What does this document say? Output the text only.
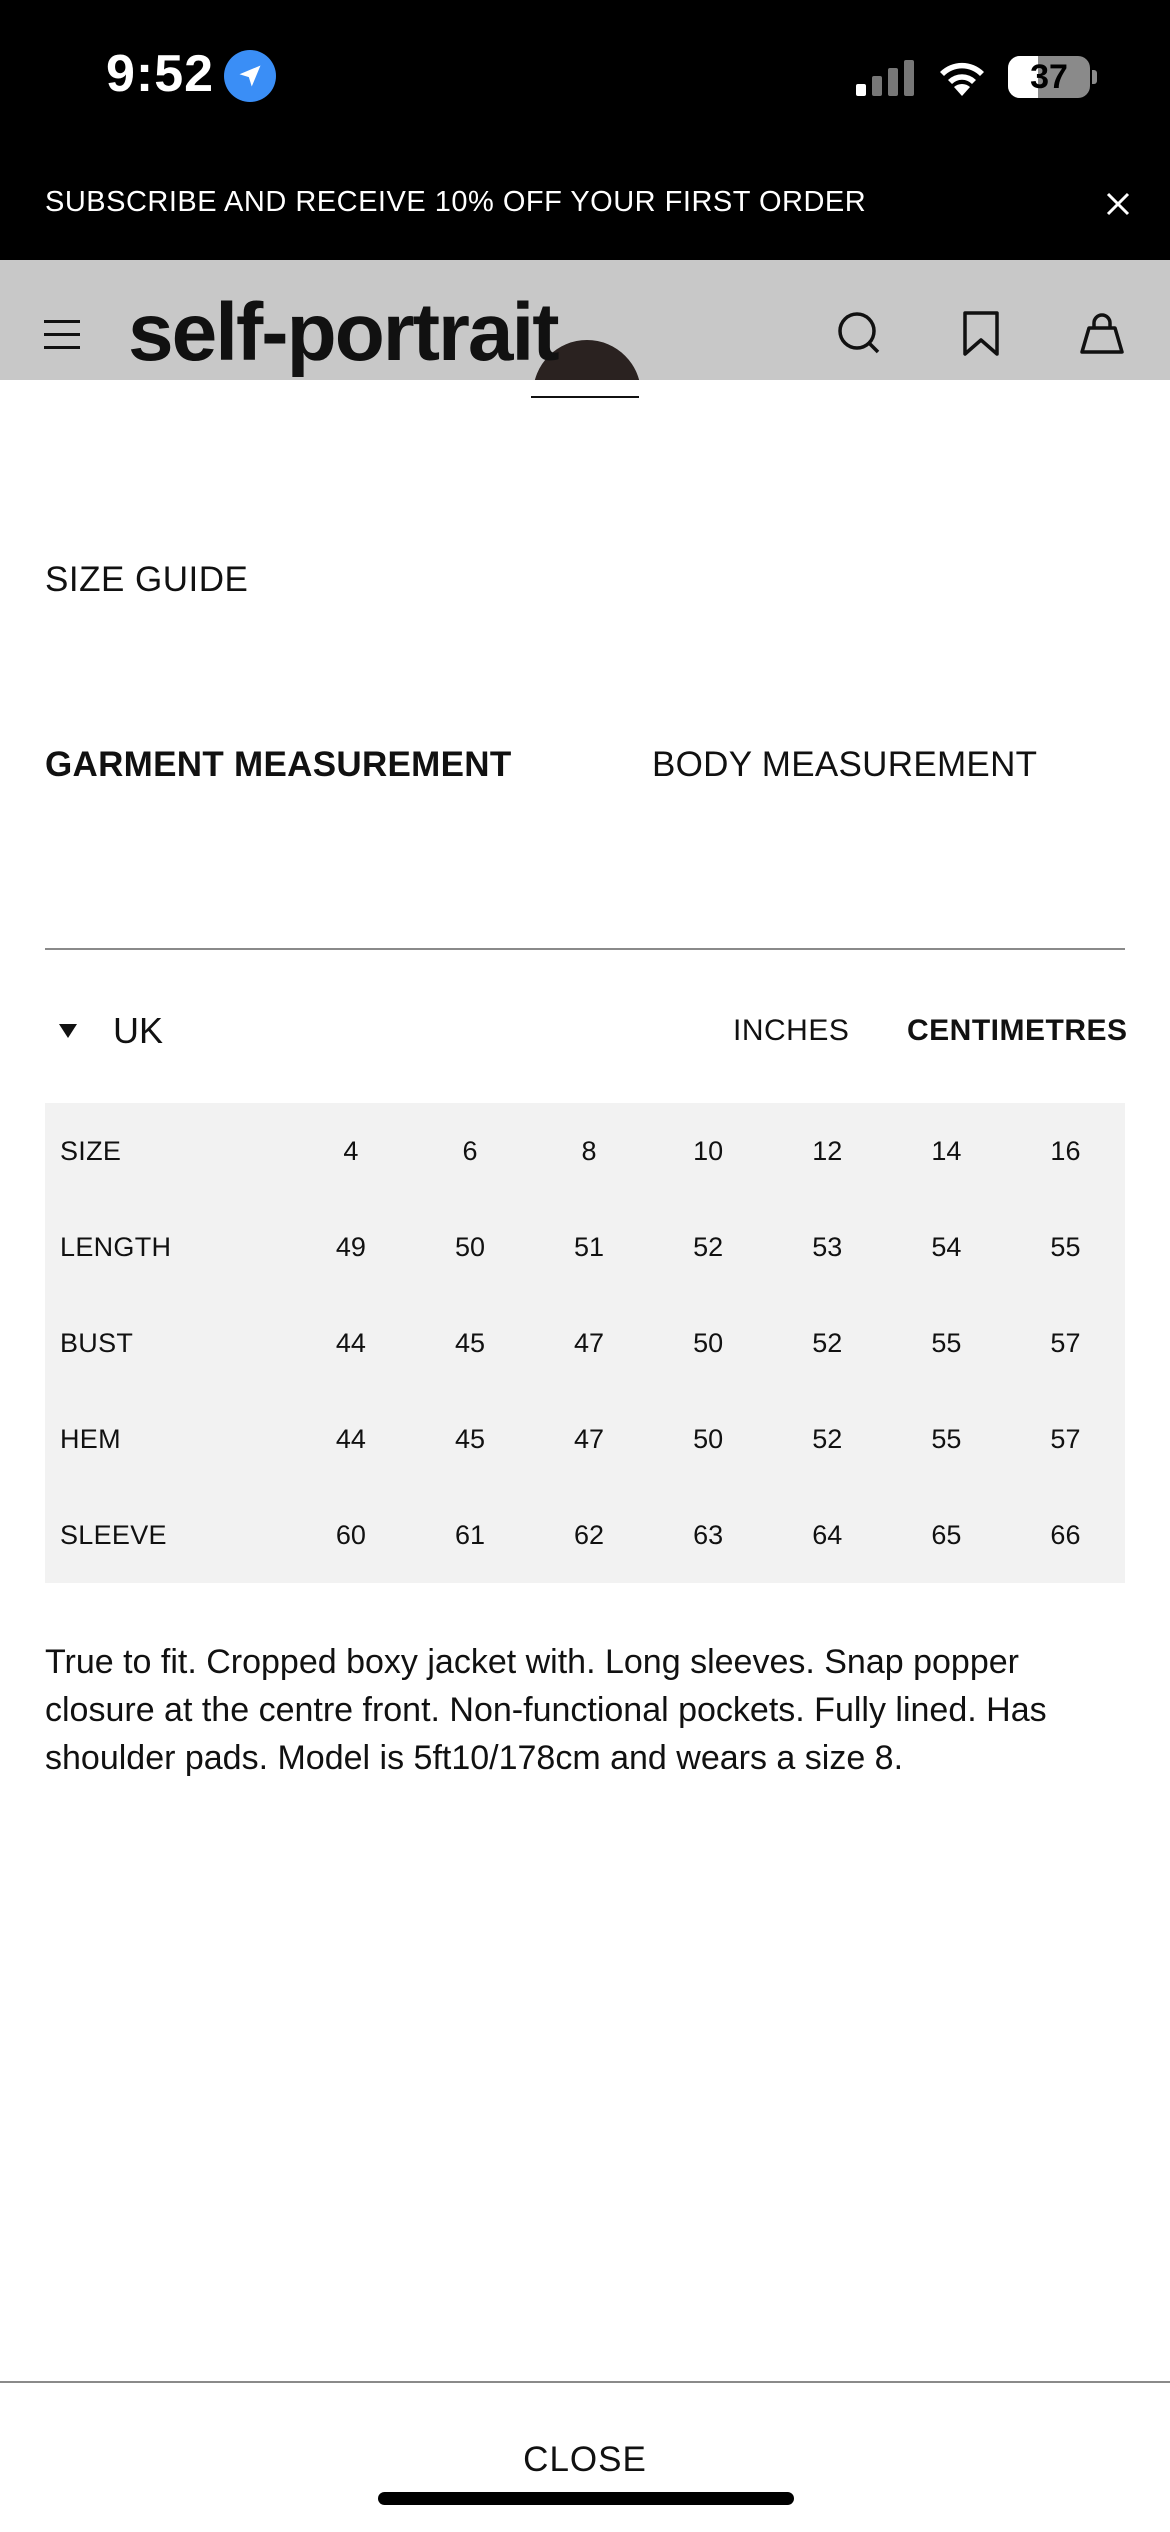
9:52	37
SUBSCRIBE AND RECEIVE 10% OFF YOUR FIRST ORDER
self-portrait
SIZE GUIDE
GARMENT MEASUREMENT	BODY MEASUREMENT
UK	INCHES CENTIMETRES
SIZE	4	6	8	10	12	14	16
LENGTH	49	50	51	52	53	54	55
BUST	44	45	47	50	52	55	57
HEM	44	45	47	50	52	55	57
SLEEVE	60	61	62	63	64	65	66
True to fit. Cropped boxy jacket with. Long sleeves. Snap popper closure at the centre front. Non-functional pockets. Fully lined. Has shoulder pads. Model is 5ft10/178cm and wears a size 8.
CLOSE
